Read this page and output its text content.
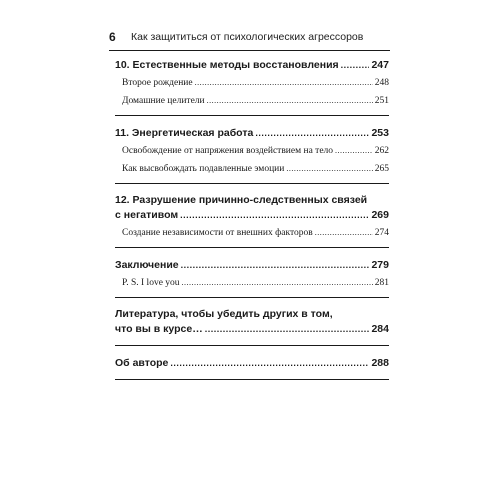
6	Как защититься от психологических агрессоров
10. Естественные методы восстановления .....	247
Второе рождение .....	248
Домашние целители .....	251
11. Энергетическая работа .....	253
Освобождение от напряжения воздействием на тело .....	262
Как высвобождать подавленные эмоции .....	265
12. Разрушение причинно-следственных связей
с негативом .....	269
Создание независимости от внешних факторов .....	274
Заключение .....	279
P. S. I love you .....	281
Литература, чтобы убедить других в том,
что вы в курсе… .....	284
Об авторе .....	288
